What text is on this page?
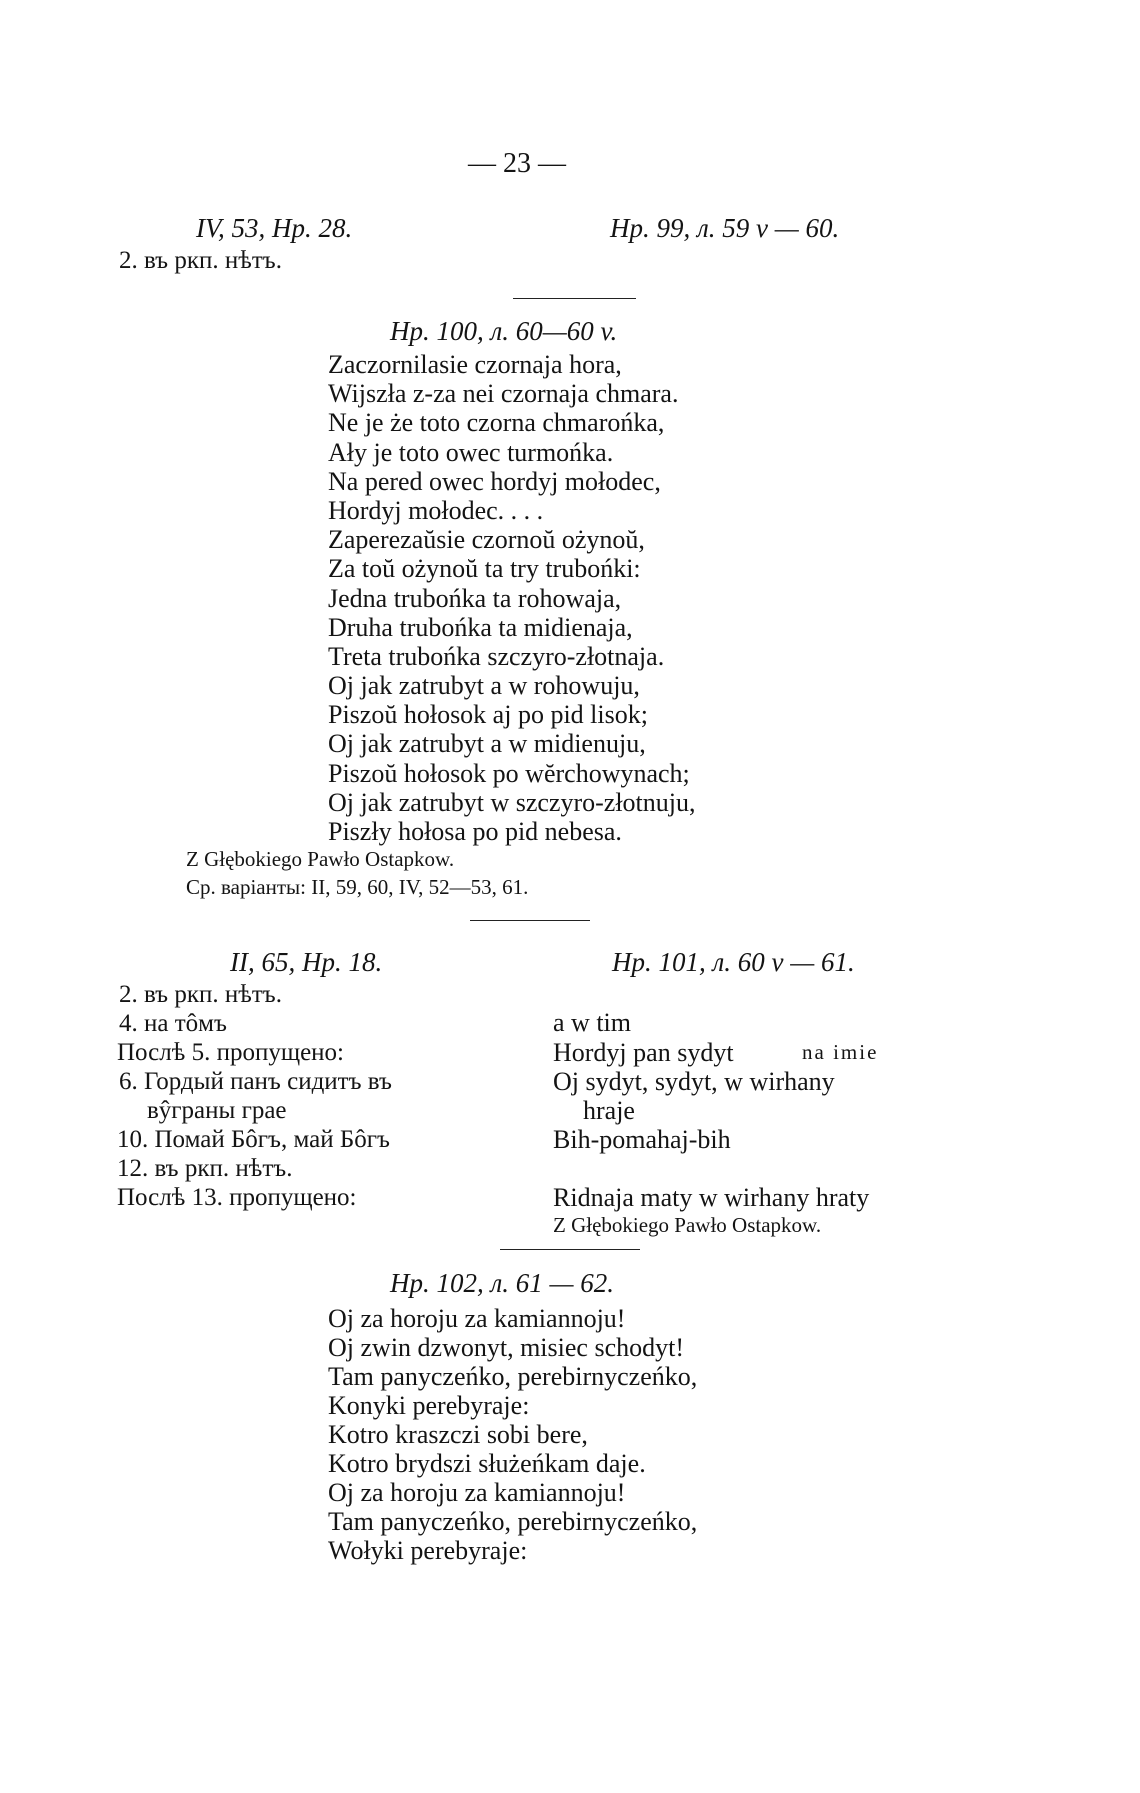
— 23 —
IV, 53, Нр. 28.
2. въ ркп. нѣтъ.
Нр. 99, л. 59 v — 60.
Нр. 100, л. 60—60 v.
Zaczornilasie czornaja hora,
Wijszła z-za nei czornaja chmara.
Ne je że toto czorna chmarońka,
Ały je toto owec turmońka.
Na pered owec hordyj mołodec,
Hordyj mołodec. . . .
Zaperezaŭsie czornoŭ ożynoŭ,
Za toŭ ożynoŭ ta try trubońki:
Jedna trubońka ta rohowaja,
Druha trubońka ta midienaja,
Treta trubońka szczyro-złotnaja.
Oj jak zatrubyt a w rohowuju,
Piszoŭ hołosok aj po pid lisok;
Oj jak zatrubyt a w midienuju,
Piszoŭ hołosok po wĕrchowynach;
Oj jak zatrubyt w szczyro-złotnuju,
Piszły hołosa po pid nebesa.
Z Głębokiego Pawło Ostapkow.
Ср. варіанты: II, 59, 60, IV, 52—53, 61.
II, 65, Нр. 18.	Нр. 101, л. 60 v — 61.
2. въ ркп. нѣтъ.
4. на тôмъ
Послѣ 5. пропущено:
6. Гордый панъ сидитъ въ
вŷграны грае
10. Помай Бôгъ, май Бôгъ
12. въ ркп. нѣтъ.
Послѣ 13. пропущено:
a w tim
Hordyj pan sydyt	na imie
Oj sydyt, sydyt, w wirhany
hraje
Bih-pomahaj-bih
Ridnaja maty w wirhany hraty
Z Głębokiego Pawło Ostapkow.
Нр. 102, л. 61 — 62.
Oj za horoju za kamiannoju!
Oj zwin dzwonyt, misiec schodyt!
Tam panyczeńko, perebirnyczeńko,
Konyki perebyraje:
Kotro kraszczi sobi bere,
Kotro brydszi służeńkam daje.
Oj za horoju za kamiannoju!
Tam panyczeńko, perebirnyczeńko,
Wołyki perebyraje:
